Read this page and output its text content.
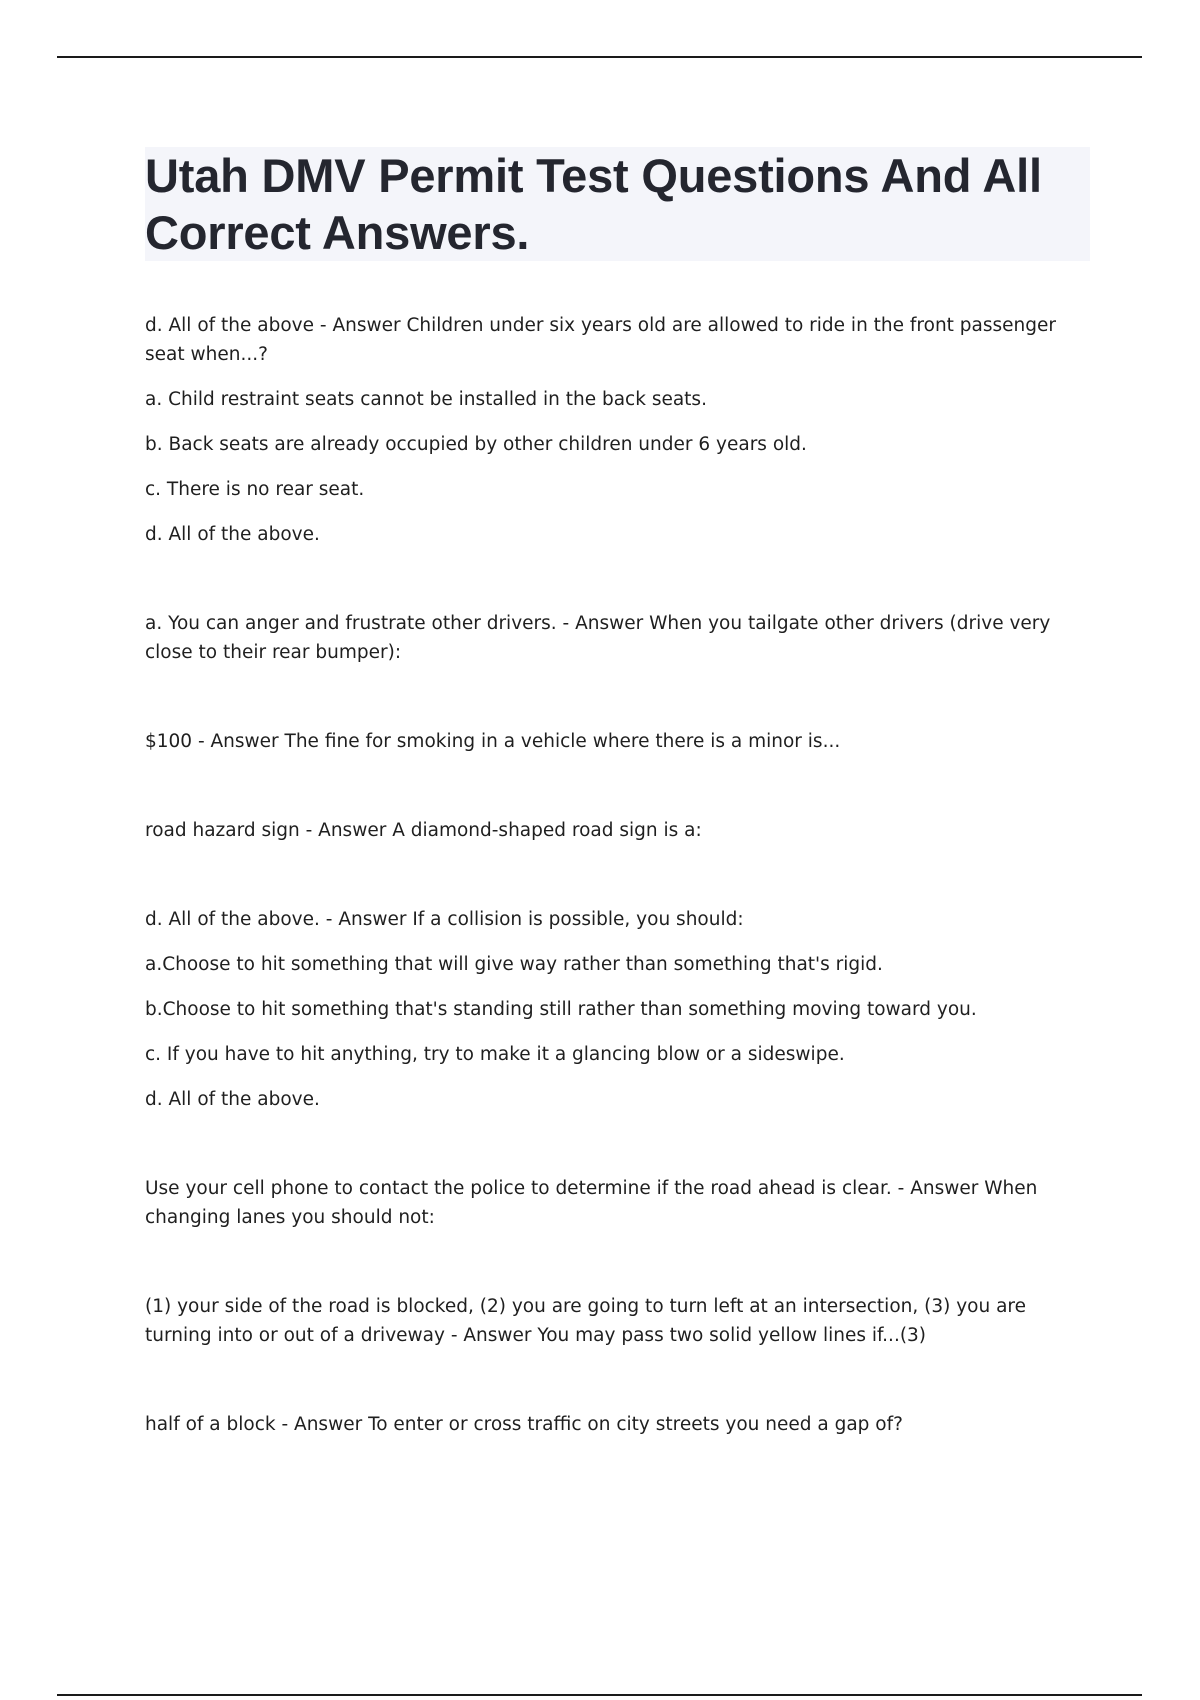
Utah DMV Permit Test Questions And All Correct Answers.

d. All of the above - Answer Children under six years old are allowed to ride in the front passenger seat when...?

a. Child restraint seats cannot be installed in the back seats.

b. Back seats are already occupied by other children under 6 years old.

c. There is no rear seat.

d. All of the above.

a. You can anger and frustrate other drivers. - Answer When you tailgate other drivers (drive very close to their rear bumper):

$100 - Answer The fine for smoking in a vehicle where there is a minor is...

road hazard sign - Answer A diamond-shaped road sign is a:

d. All of the above. - Answer If a collision is possible, you should:

a.Choose to hit something that will give way rather than something that's rigid.

b.Choose to hit something that's standing still rather than something moving toward you.

c. If you have to hit anything, try to make it a glancing blow or a sideswipe.

d. All of the above.

Use your cell phone to contact the police to determine if the road ahead is clear. - Answer When changing lanes you should not:

(1) your side of the road is blocked, (2) you are going to turn left at an intersection, (3) you are turning into or out of a driveway - Answer You may pass two solid yellow lines if...(3)

half of a block - Answer To enter or cross traffic on city streets you need a gap of?
